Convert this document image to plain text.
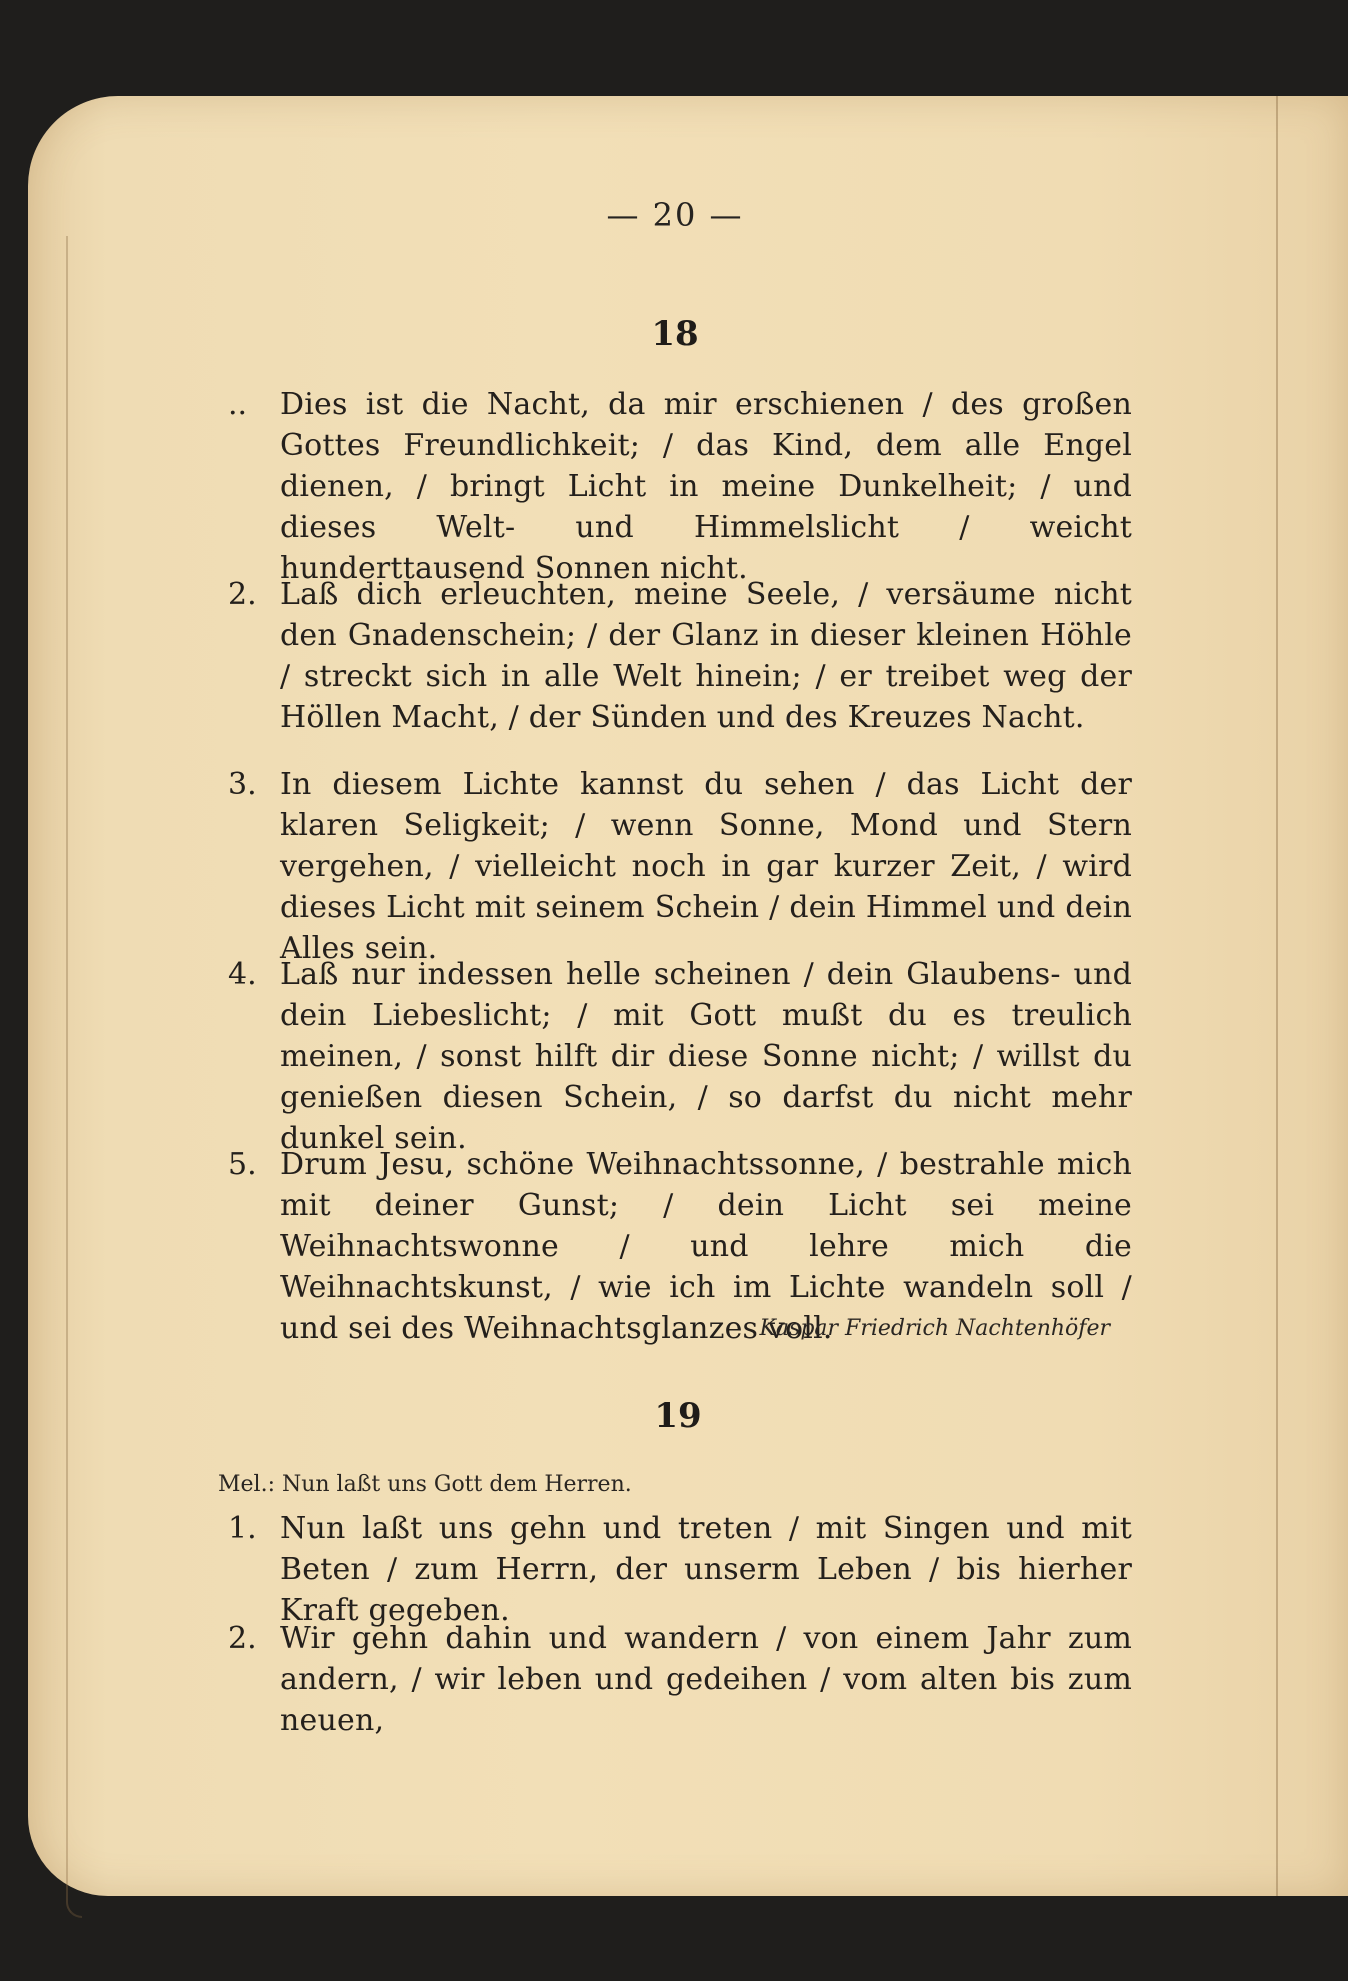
— 20 —
18
..	Dies ist die Nacht, da mir erschienen / des großen Gottes Freundlichkeit; / das Kind, dem alle Engel dienen, / bringt Licht in meine Dunkelheit; / und dieses Welt- und Himmelslicht / weicht hunderttausend Sonnen nicht.
2. Laß dich erleuchten, meine Seele, / versäume nicht den Gnadenschein; / der Glanz in dieser kleinen Höhle / streckt sich in alle Welt hinein; / er treibet weg der Höllen Macht, / der Sünden und des Kreuzes Nacht.
3. In diesem Lichte kannst du sehen / das Licht der klaren Seligkeit; / wenn Sonne, Mond und Stern vergehen, / vielleicht noch in gar kurzer Zeit, / wird dieses Licht mit seinem Schein / dein Himmel und dein Alles sein.
4. Laß nur indessen helle scheinen / dein Glaubens- und dein Liebeslicht; / mit Gott mußt du es treulich meinen, / sonst hilft dir diese Sonne nicht; / willst du genießen diesen Schein, / so darfst du nicht mehr dunkel sein.
5. Drum Jesu, schöne Weihnachtssonne, / bestrahle mich mit deiner Gunst; / dein Licht sei meine Weihnachtswonne / und lehre mich die Weihnachtskunst, / wie ich im Lichte wandeln soll / und sei des Weihnachtsglanzes voll.
Kaspar Friedrich Nachtenhöfer
19
Mel.: Nun laßt uns Gott dem Herren.
1. Nun laßt uns gehn und treten / mit Singen und mit Beten / zum Herrn, der unserm Leben / bis hierher Kraft gegeben.
2. Wir gehn dahin und wandern / von einem Jahr zum andern, / wir leben und gedeihen / vom alten bis zum neuen,
